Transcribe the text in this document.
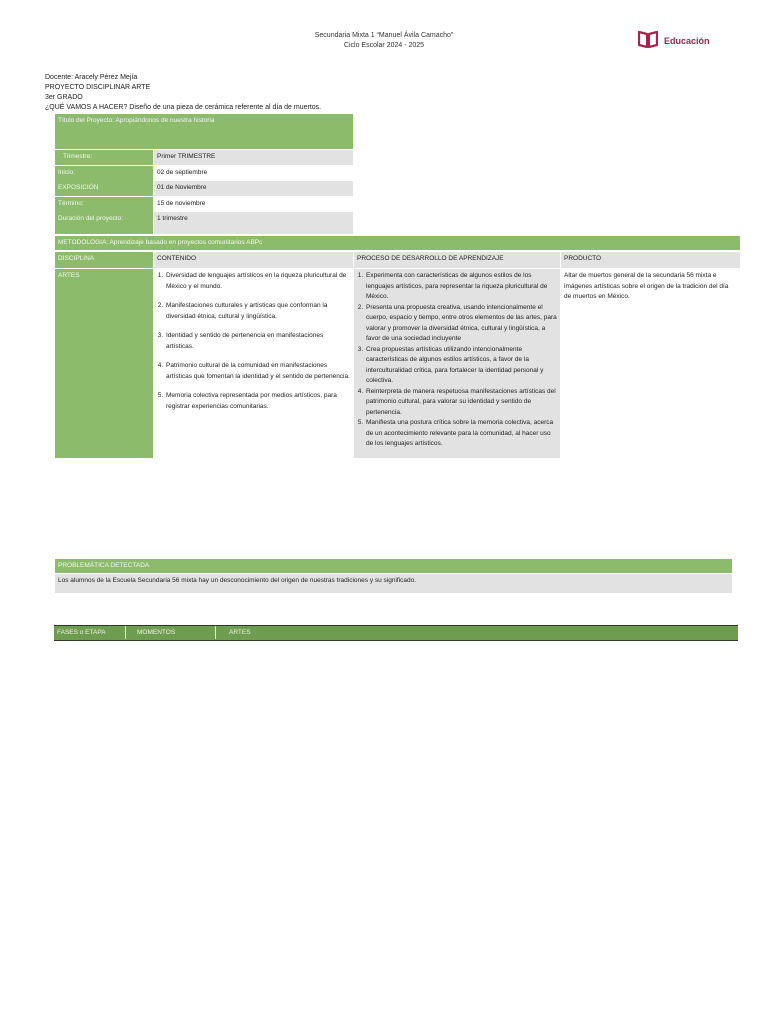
Secundaria Mixta 1 “Manuel Ávila Camacho”
Ciclo Escolar 2024 - 2025	Educación
Docente: Aracely Pérez Mejía
PROYECTO DISCIPLINAR ARTE
3er GRADO
¿QUÉ VAMOS A HACER? Diseño de una pieza de cerámica referente al día de muertos.
Título del Proyecto: Apropiándonos de nuestra historia
Trimestre:	Primer TRIMESTRE
Inicio:	02 de septiembre
EXPOSICIÓN	01 de Noviembre
Término:	15 de noviembre
Duración del proyecto:	1 trimestre
METODOLOGIA: Aprendizaje basado en proyectos comunitarios ABPc
DISCIPLINA	CONTENIDO	PROCESO DE DESARROLLO DE APRENDIZAJE	PRODUCTO
ARTES
1.	Diversidad de lenguajes artísticos en la riqueza pluricultural de México y el mundo.
2. Manifestaciones culturales y artísticas que conforman la diversidad étnica, cultural y lingüística.
3. Identidad y sentido de pertenencia en manifestaciones artísticas.
4. Patrimonio cultural de la comunidad en manifestaciones artísticas que fomentan la identidad y el sentido de pertenencia.
5. Memoria colectiva representada por medios artísticos, para registrar experiencias comunitarias.
1. Experimenta con características de algunos estilos de los lenguajes artísticos, para representar la riqueza pluricultural de México.
2. Presenta una propuesta creativa, usando intencionalmente el cuerpo, espacio y tiempo, entre otros elementos de las artes, para valorar y promover la diversidad étnica, cultural y lingüística, a favor de una sociedad incluyente
3. Crea propuestas artísticas utilizando intencionalmente características de algunos estilos artísticos, a favor de la interculturalidad crítica, para fortalecer la identidad personal y colectiva.
4. Reinterpreta de manera respetuosa manifestaciones artísticas del patrimonio cultural, para valorar su identidad y sentido de pertenencia.
5. Manifiesta una postura crítica sobre la memoria colectiva, acerca de un acontecimiento relevante para la comunidad, al hacer uso de los lenguajes artísticos.
Altar de muertos general de la secundaria 56 mixta e imágenes artísticas sobre el origen de la tradición del día de muertos en México.
PROBLEMÁTICA DETECTADA
Los alumnos de la Escuela Secundaria 56 mixta hay un desconocimiento del origen de nuestras tradiciones y su significado.
FASES o ETAPA	MOMENTOS	ARTES
